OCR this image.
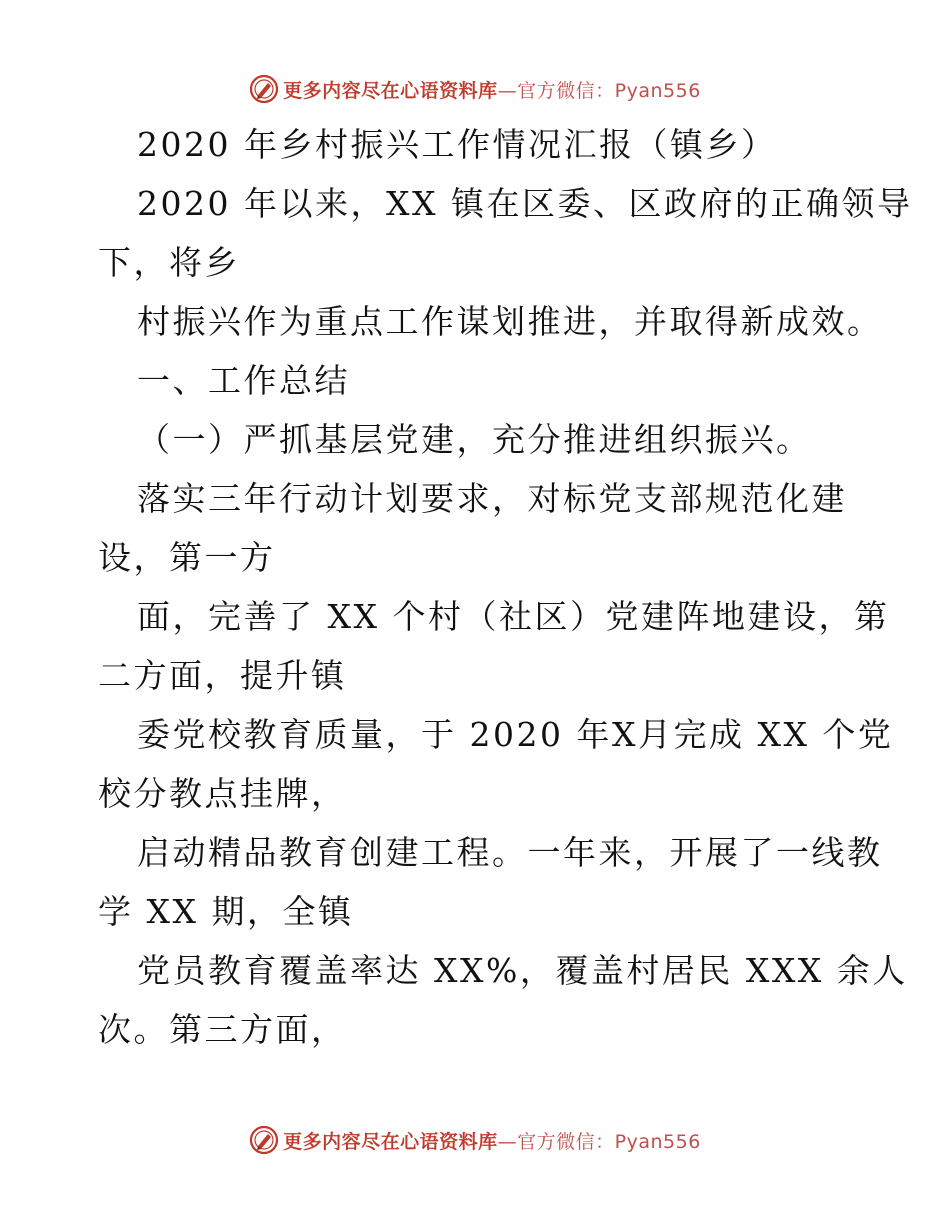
更多内容尽在心语资料库—官方微信：Pyan556
2020 年乡村振兴工作情况汇报（镇乡）
2020 年以来，XX 镇在区委、区政府的正确领导
下，将乡
村振兴作为重点工作谋划推进，并取得新成效。
一、工作总结
（一）严抓基层党建，充分推进组织振兴。
落实三年行动计划要求，对标党支部规范化建
设，第一方
面，完善了 XX 个村（社区）党建阵地建设，第
二方面，提升镇
委党校教育质量，于 2020 年X月完成 XX 个党
校分教点挂牌，
启动精品教育创建工程。一年来，开展了一线教
学 XX 期，全镇
党员教育覆盖率达 XX%，覆盖村居民 XXX 余人
次。第三方面，
更多内容尽在心语资料库—官方微信：Pyan556
